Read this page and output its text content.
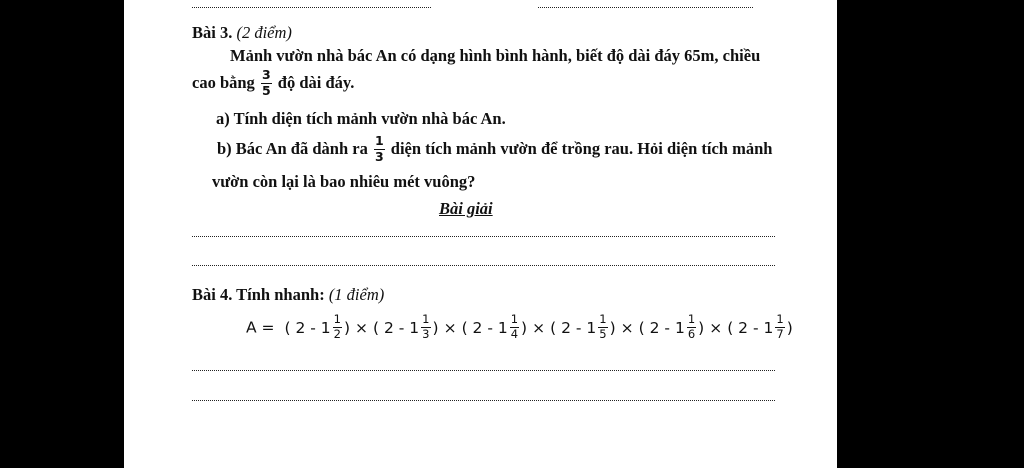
Bài 3. (2 điểm)
Mảnh vườn nhà bác An có dạng hình bình hành, biết độ dài đáy 65m, chiều
cao bằng $\frac{3}{5}$ độ dài đáy.
a) Tính diện tích mảnh vườn nhà bác An.
b) Bác An đã dành ra $\frac{1}{3}$ diện tích mảnh vườn để trồng rau. Hỏi diện tích mảnh
vườn còn lại là bao nhiêu mét vuông?
Bài giải
Bài 4. Tính nhanh: (1 điểm)
A = ( $2 - 1 \frac{1}{2}$ ) × ( $2 - 1 \frac{1}{3}$ ) × ( $2 - 1 \frac{1}{4}$ ) × ( $2 - 1 \frac{1}{5}$ ) × ( $2 - 1 \frac{1}{6}$ ) × ( $2 - 1 \frac{1}{7}$ )
